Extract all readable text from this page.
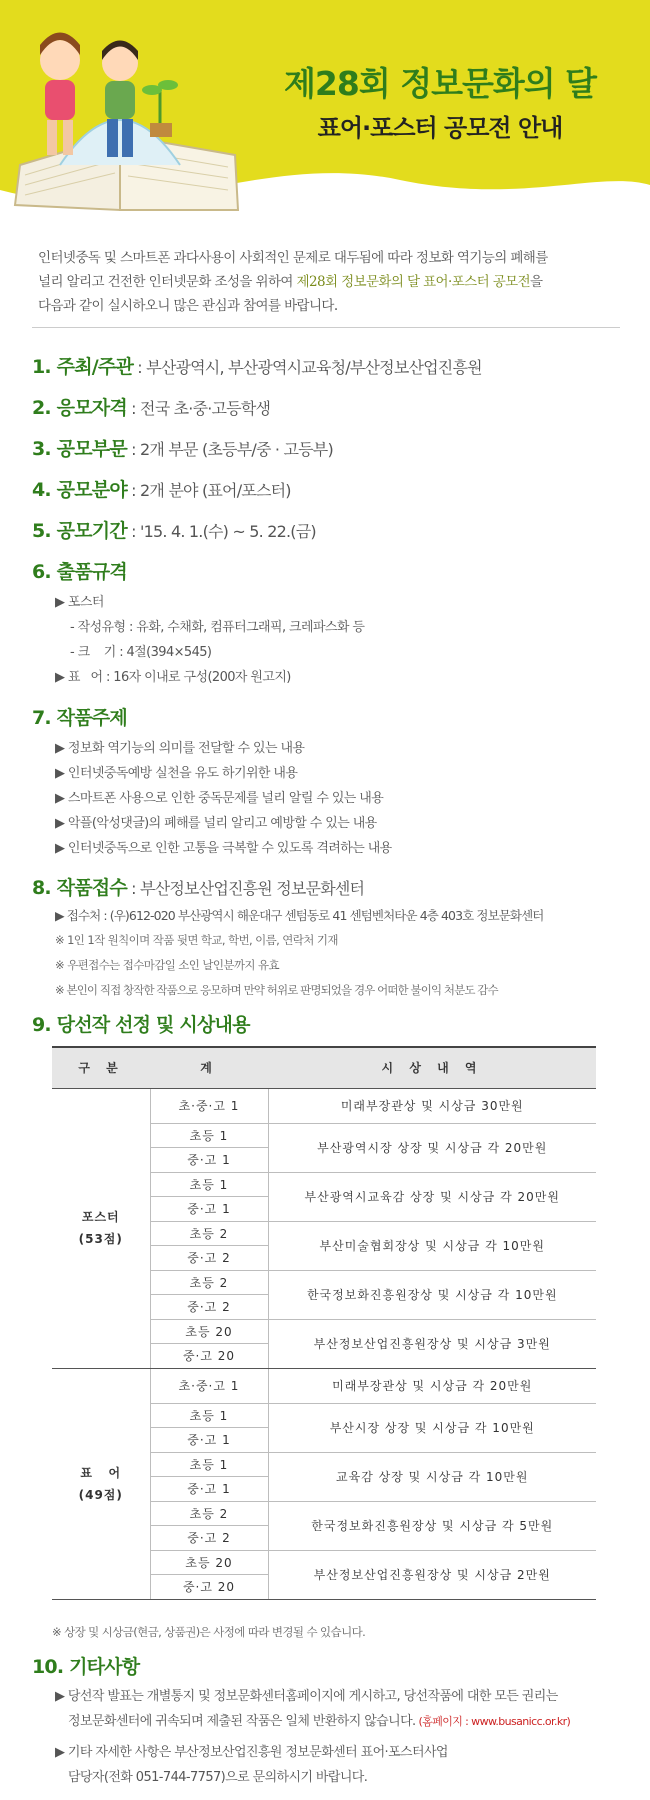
제28회 정보문화의 달
표어·포스터 공모전 안내
인터넷중독 및 스마트폰 과다사용이 사회적인 문제로 대두됨에 따라 정보화 역기능의 폐해를
널리 알리고 건전한 인터넷문화 조성을 위하여 제28회 정보문화의 달 표어·포스터 공모전을
다음과 같이 실시하오니 많은 관심과 참여를 바랍니다.
1. 주최/주관 : 부산광역시, 부산광역시교육청/부산정보산업진흥원
2. 응모자격 : 전국 초·중·고등학생
3. 공모부문 : 2개 부문 (초등부/중 · 고등부)
4. 공모분야 : 2개 분야 (표어/포스터)
5. 공모기간 : '15. 4. 1.(수) ~ 5. 22.(금)
6. 출품규격
▶ 포스터
- 작성유형 : 유화, 수채화, 컴퓨터그래픽, 크레파스화 등
- 크    기 : 4절(394×545)
▶ 표   어 : 16자 이내로 구성(200자 원고지)
7. 작품주제
▶ 정보화 역기능의 의미를 전달할 수 있는 내용
▶ 인터넷중독예방 실천을 유도 하기위한 내용
▶ 스마트폰 사용으로 인한 중독문제를 널리 알릴 수 있는 내용
▶ 악플(악성댓글)의 폐해를 널리 알리고 예방할 수 있는 내용
▶ 인터넷중독으로 인한 고통을 극복할 수 있도록 격려하는 내용
8. 작품접수 : 부산정보산업진흥원 정보문화센터
▶ 접수처 : (우)612-020 부산광역시 해운대구 센텀동로 41 센텀벤처타운 4층 403호 정보문화센터
※ 1인 1작 원칙이며 작품 뒷면 학교, 학번, 이름, 연락처 기재
※ 우편접수는 접수마감일 소인 날인분까지 유효
※ 본인이 직접 창작한 작품으로 응모하며 만약 허위로 판명되었을 경우 어떠한 불이익 처분도 감수
9. 당선작 선정 및 시상내용
구 분	계	시 상 내 역

포스터
(53점)	초·중·고 1	미래부장관상 및 시상금 30만원
	초등 1	부산광역시장 상장 및 시상금 각 20만원
	중·고 1	
	초등 1	부산광역시교육감 상장 및 시상금 각 20만원
	중·고 1	
	초등 2	부산미술협회장상 및 시상금 각 10만원
	중·고 2	
	초등 2	한국정보화진흥원장상 및 시상금 각 10만원
	중·고 2	
	초등 20	부산정보산업진흥원장상 및 시상금 3만원
	중·고 20	

표   어
(49점)	초·중·고 1	미래부장관상 및 시상금 각 20만원
	초등 1	부산시장 상장 및 시상금 각 10만원
	중·고 1	
	초등 1	교육감 상장 및 시상금 각 10만원
	중·고 1	
	초등 2	한국정보화진흥원장상 및 시상금 각 5만원
	중·고 2	
	초등 20	부산정보산업진흥원장상 및 시상금 2만원
	중·고 20	
※ 상장 및 시상금(현금, 상품권)은 사정에 따라 변경될 수 있습니다.
10. 기타사항
▶ 당선작 발표는 개별통지 및 정보문화센터홈페이지에 게시하고, 당선작품에 대한 모든 권리는
정보문화센터에 귀속되며 제출된 작품은 일체 반환하지 않습니다. (홈페이지 : www.busanicc.or.kr)
▶ 기타 자세한 사항은 부산정보산업진흥원 정보문화센터 표어·포스터사업
담당자(전화 051-744-7757)으로 문의하시기 바랍니다.
